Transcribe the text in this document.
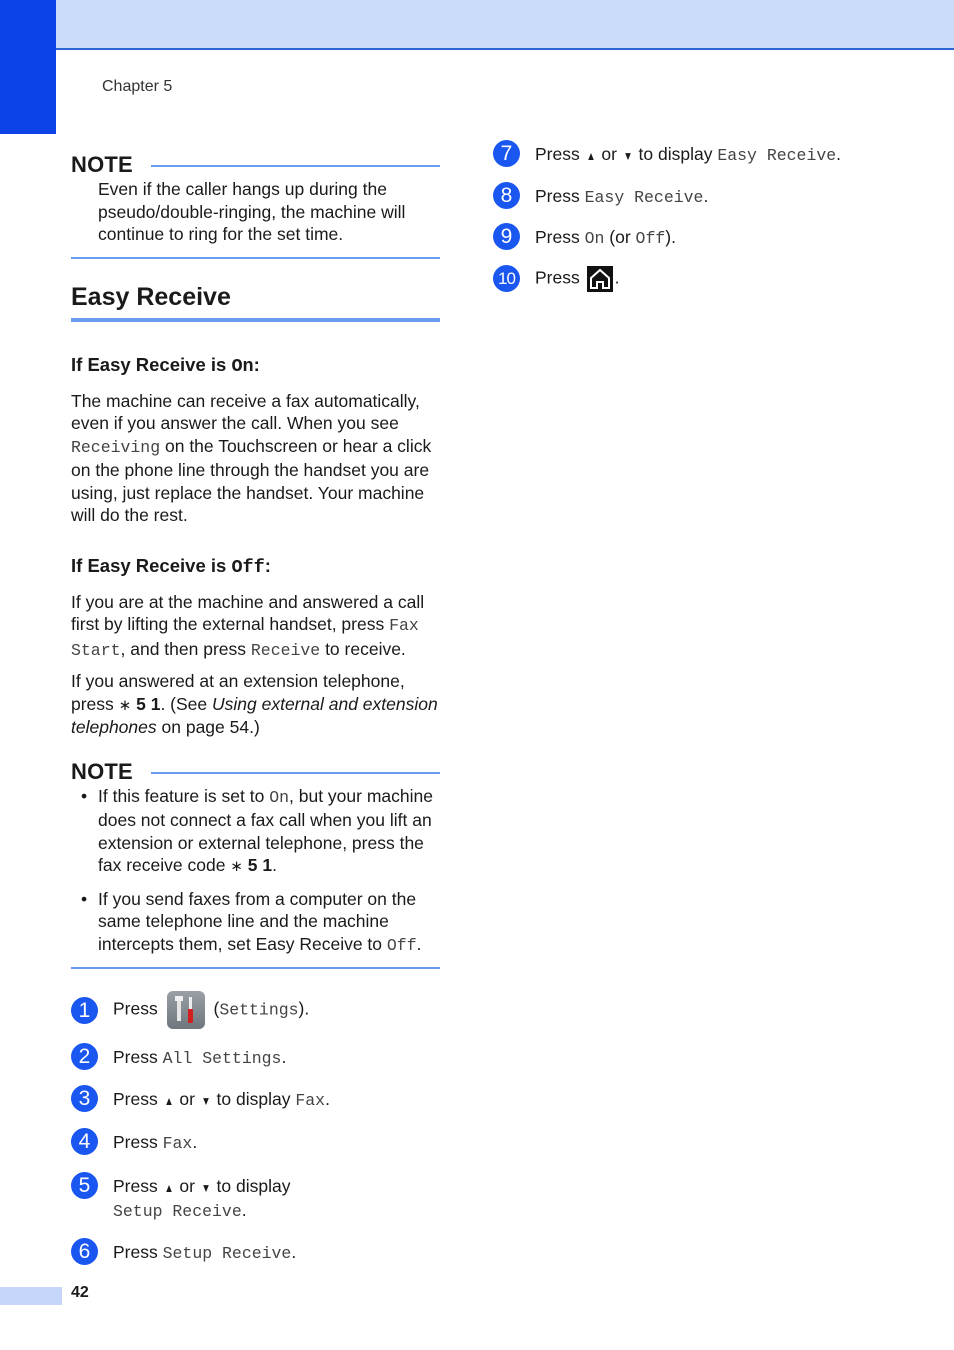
Chapter 5
NOTE
Even if the caller hangs up during the pseudo/double-ringing, the machine will continue to ring for the set time.
Easy Receive
If Easy Receive is On:

The machine can receive a fax automatically, even if you answer the call. When you see Receiving on the Touchscreen or hear a click on the phone line through the handset you are using, just replace the handset. Your machine will do the rest.

If Easy Receive is Off:

If you are at the machine and answered a call first by lifting the external handset, press Fax Start, and then press Receive to receive.

If you answered at an extension telephone, press ∗ 5 1. (See Using external and extension telephones on page 54.)

NOTE
• If this feature is set to On, but your machine does not connect a fax call when you lift an extension or external telephone, press the fax receive code ∗ 5 1.
• If you send faxes from a computer on the same telephone line and the machine intercepts them, set Easy Receive to Off.
1	Press	(Settings).
2	Press All Settings.
3	Press ▲ or ▼ to display Fax.
4	Press Fax.
5	Press ▲ or ▼ to display
Setup Receive.
6	Press Setup Receive.
7	Press ▲ or ▼ to display Easy Receive.
8	Press Easy Receive.
9	Press On (or Off).
10 Press .
42
